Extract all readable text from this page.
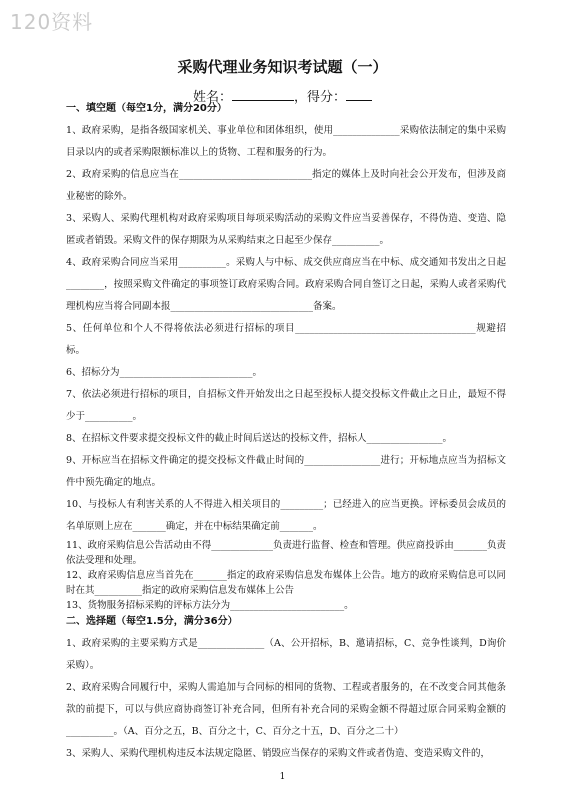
120资料
采购代理业务知识考试题（一）
姓名：	，得分：
一、填空题（每空1分，满分20分）

1、政府采购，是指各级国家机关、事业单位和团体组织，使用______________采购依法制定的集中采购目录以内的或者采购限额标准以上的货物、工程和服务的行为。

2、政府采购的信息应当在____________________________指定的媒体上及时向社会公开发布，但涉及商业秘密的除外。

3、采购人、采购代理机构对政府采购项目每项采购活动的采购文件应当妥善保存，不得伪造、变造、隐匿或者销毁。采购文件的保存期限为从采购结束之日起至少保存__________。

4、政府采购合同应当采用__________。采购人与中标、成交供应商应当在中标、成交通知书发出之日起________，按照采购文件确定的事项签订政府采购合同。政府采购合同自签订之日起，采购人或者采购代理机构应当将合同副本报______________________________备案。

5、任何单位和个人不得将依法必须进行招标的项目______________________________________规避招标。

6、招标分为____________________________。

7、依法必须进行招标的项目，自招标文件开始发出之日起至投标人提交投标文件截止之日止，最短不得少于__________。

8、在招标文件要求提交投标文件的截止时间后送达的投标文件，招标人________________。

9、开标应当在招标文件确定的提交投标文件截止时间的________________进行；开标地点应当为招标文件中预先确定的地点。

10、与投标人有利害关系的人不得进入相关项目的_________；已经进入的应当更换。评标委员会成员的名单原则上应在_______确定，并在中标结果确定前_______。

11、政府采购信息公告活动由不得_____________负责进行监督、检查和管理。供应商投诉由_______负责依法受理和处理。

12、政府采购信息应当首先在_______指定的政府采购信息发布媒体上公告。地方的政府采购信息可以同时在其__________指定的政府采购信息发布媒体上公告

13、货物服务招标采购的评标方法分为________________________。

二、选择题（每空1.5分，满分36分）

1、政府采购的主要采购方式是______________（A、公开招标，B、邀请招标，C、竞争性谈判，D询价采购）。

2、政府采购合同履行中，采购人需追加与合同标的相同的货物、工程或者服务的，在不改变合同其他条款的前提下，可以与供应商协商签订补充合同，但所有补充合同的采购金额不得超过原合同采购金额的__________。（A、百分之五，B、百分之十，C、百分之十五，D、百分之二十）

3、采购人、采购代理机构违反本法规定隐匿、销毁应当保存的采购文件或者伪造、变造采购文件的，

1
